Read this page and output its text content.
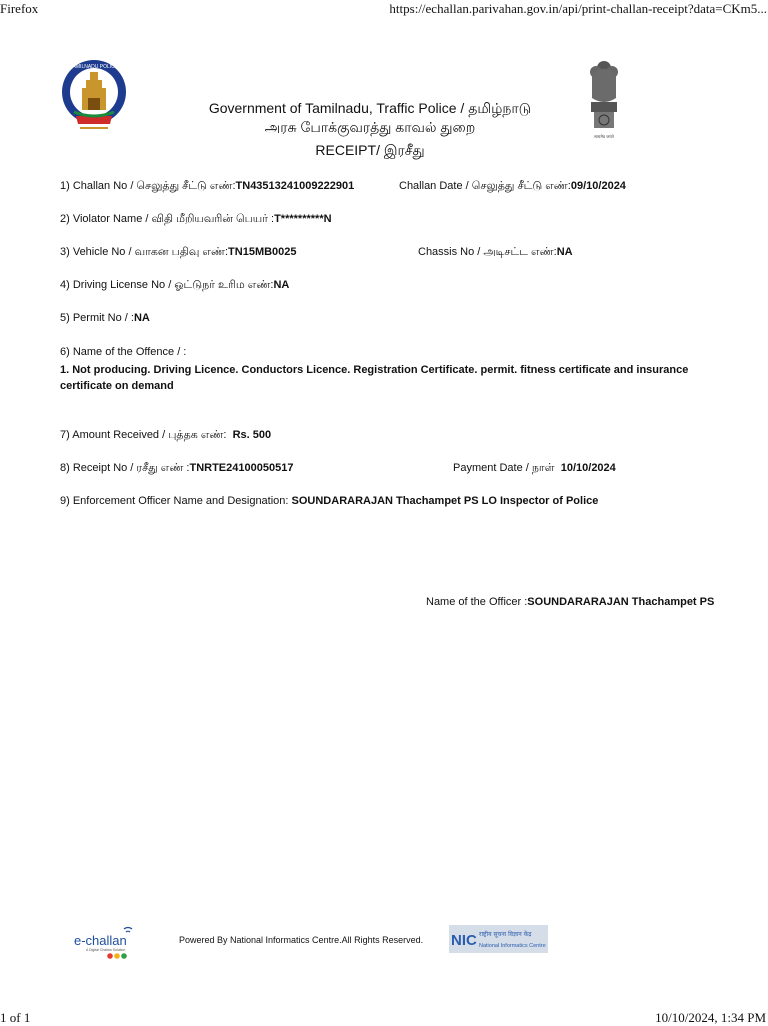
Firefox	https://echallan.parivahan.gov.in/api/print-challan-receipt?data=CKm5...
1 of 1	10/10/2024, 1:34 PM
TAMILNADU POLICE
सत्यमेव जयते
Government of Tamilnadu, Traffic Police / தமிழ்நாடு
அரசு போக்குவரத்து காவல் துறை
RECEIPT/ இரசீது
1) Challan No / செலுத்து சீட்டு எண்:TN43513241009222901	Challan Date / செலுத்து சீட்டு எண்:09/10/2024
2) Violator Name / விதி மீறியவரின் பெயர் :T**********N
3) Vehicle No / வாகன பதிவு எண்:TN15MB0025	Chassis No / அடிசட்ட எண்:NA
4) Driving License No / ஓட்டுநர் உரிம எண்:NA
5) Permit No / :NA
6) Name of the Offence / :
1. Not producing. Driving Licence. Conductors Licence. Registration Certificate. permit. fitness certificate and insurance certificate on demand
7) Amount Received / புத்தக எண்: Rs. 500
8) Receipt No / ரசீது எண் :TNRTE24100050517	Payment Date / நாள் 10/10/2024
9) Enforcement Officer Name and Designation: SOUNDARARAJAN Thachampet PS LO Inspector of Police
Name of the Officer :SOUNDARARAJAN Thachampet PS
e-challan
A Digital Challan Solution
Powered By National Informatics Centre.All Rights Reserved. NIC राष्ट्रीय सूचना विज्ञान केंद्र
National Informatics Centre
